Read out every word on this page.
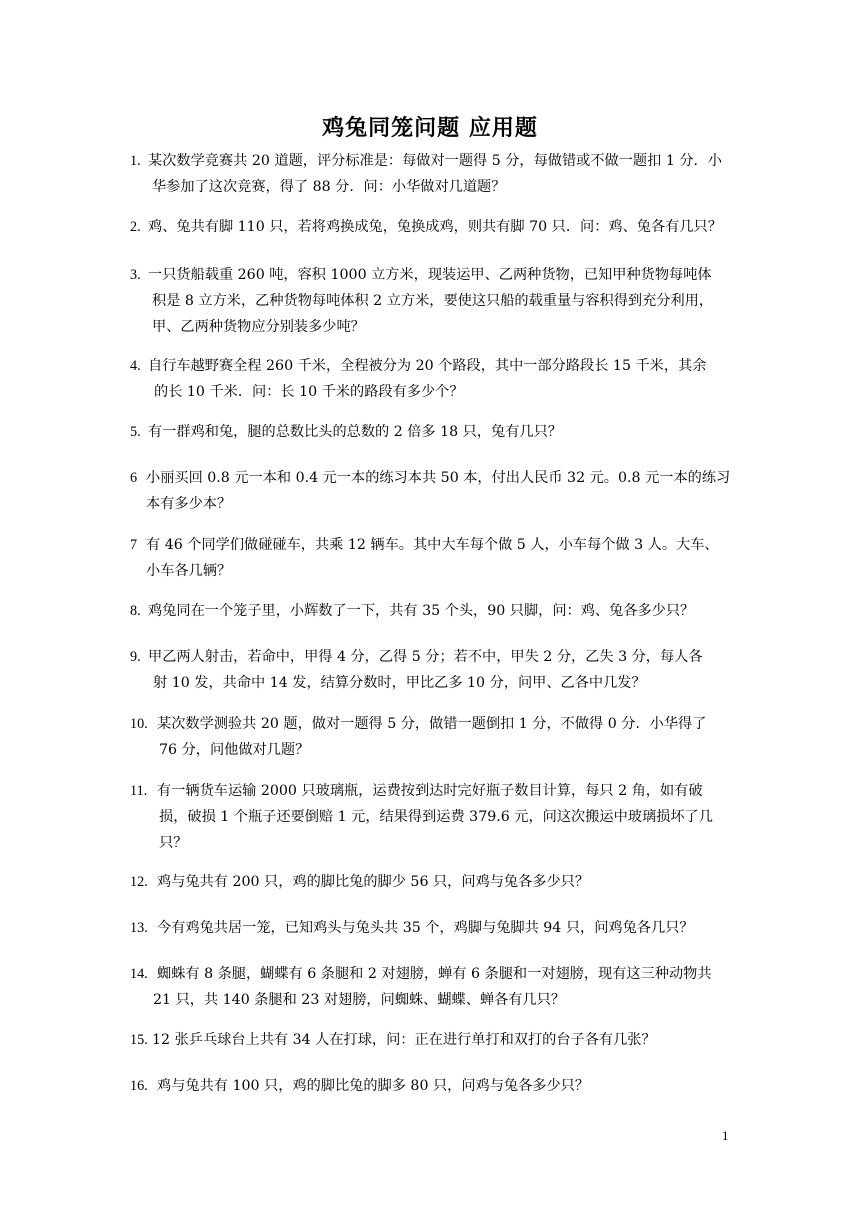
鸡兔同笼问题 应用题
1. 某次数学竞赛共 20 道题，评分标准是：每做对一题得 5 分，每做错或不做一题扣 1 分．小
华参加了这次竞赛，得了 88 分．问：小华做对几道题？
2. 鸡、兔共有脚 110 只，若将鸡换成兔，兔换成鸡，则共有脚 70 只．问：鸡、兔各有几只？
3. 一只货船载重 260 吨，容积 1000 立方米，现装运甲、乙两种货物，已知甲种货物每吨体
积是 8 立方米，乙种货物每吨体积 2 立方米，要使这只船的载重量与容积得到充分利用，
甲、乙两种货物应分别装多少吨？
4. 自行车越野赛全程 260 千米，全程被分为 20 个路段，其中一部分路段长 15 千米，其余
的长 10 千米．问：长 10 千米的路段有多少个？
5. 有一群鸡和兔，腿的总数比头的总数的 2 倍多 18 只，兔有几只？
6 小丽买回 0.8 元一本和 0.4 元一本的练习本共 50 本，付出人民币 32 元。0.8 元一本的练习
本有多少本？
7 有 46 个同学们做碰碰车，共乘 12 辆车。其中大车每个做 5 人，小车每个做 3 人。大车、
小车各几辆？
8. 鸡兔同在一个笼子里，小辉数了一下，共有 35 个头，90 只脚，问：鸡、兔各多少只？
9. 甲乙两人射击，若命中，甲得 4 分，乙得 5 分；若不中，甲失 2 分，乙失 3 分，每人各
射 10 发，共命中 14 发，结算分数时，甲比乙多 10 分，问甲、乙各中几发？
10. 某次数学测验共 20 题，做对一题得 5 分，做错一题倒扣 1 分，不做得 0 分．小华得了
76 分，问他做对几题？
11. 有一辆货车运输 2000 只玻璃瓶，运费按到达时完好瓶子数目计算，每只 2 角，如有破
损，破损 1 个瓶子还要倒赔 1 元，结果得到运费 379.6 元，问这次搬运中玻璃损坏了几
只？
12. 鸡与兔共有 200 只，鸡的脚比兔的脚少 56 只，问鸡与兔各多少只？
13. 今有鸡兔共居一笼，已知鸡头与兔头共 35 个，鸡脚与兔脚共 94 只，问鸡兔各几只？
14. 蜘蛛有 8 条腿，蝴蝶有 6 条腿和 2 对翅膀，蝉有 6 条腿和一对翅膀，现有这三种动物共
21 只，共 140 条腿和 23 对翅膀，问蜘蛛、蝴蝶、蝉各有几只？
15. 12 张乒乓球台上共有 34 人在打球，问：正在进行单打和双打的台子各有几张？
16. 鸡与兔共有 100 只，鸡的脚比兔的脚多 80 只，问鸡与兔各多少只？
1
